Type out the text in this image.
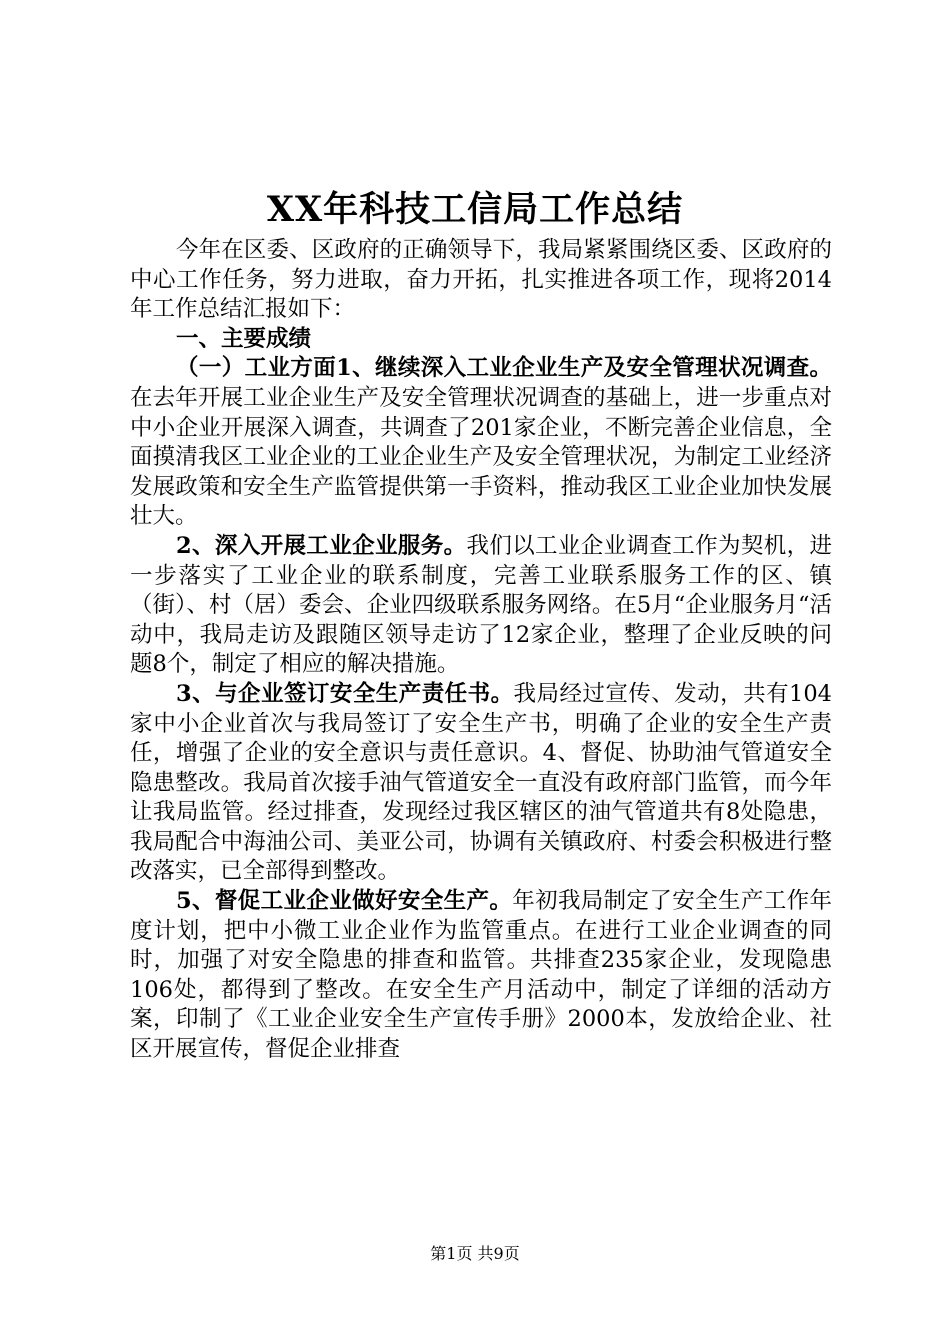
XX年科技工信局工作总结

今年在区委、区政府的正确领导下，我局紧紧围绕区委、区政府的中心工作任务，努力进取，奋力开拓，扎实推进各项工作，现将2014年工作总结汇报如下：

一、主要成绩

（一）工业方面1、继续深入工业企业生产及安全管理状况调查。在去年开展工业企业生产及安全管理状况调查的基础上，进一步重点对中小企业开展深入调查，共调查了201家企业，不断完善企业信息，全面摸清我区工业企业的工业企业生产及安全管理状况，为制定工业经济发展政策和安全生产监管提供第一手资料，推动我区工业企业加快发展壮大。

2、深入开展工业企业服务。我们以工业企业调查工作为契机，进一步落实了工业企业的联系制度，完善工业联系服务工作的区、镇（街）、村（居）委会、企业四级联系服务网络。在5月“企业服务月“活动中，我局走访及跟随区领导走访了12家企业，整理了企业反映的问题8个，制定了相应的解决措施。

3、与企业签订安全生产责任书。我局经过宣传、发动，共有104家中小企业首次与我局签订了安全生产书，明确了企业的安全生产责任，增强了企业的安全意识与责任意识。4、督促、协助油气管道安全隐患整改。我局首次接手油气管道安全一直没有政府部门监管，而今年让我局监管。经过排查，发现经过我区辖区的油气管道共有8处隐患，我局配合中海油公司、美亚公司，协调有关镇政府、村委会积极进行整改落实，已全部得到整改。

5、督促工业企业做好安全生产。年初我局制定了安全生产工作年度计划，把中小微工业企业作为监管重点。在进行工业企业调查的同时，加强了对安全隐患的排查和监管。共排查235家企业，发现隐患106处，都得到了整改。在安全生产月活动中，制定了详细的活动方案，印制了《工业企业安全生产宣传手册》2000本，发放给企业、社区开展宣传，督促企业排查

第1页 共9页
